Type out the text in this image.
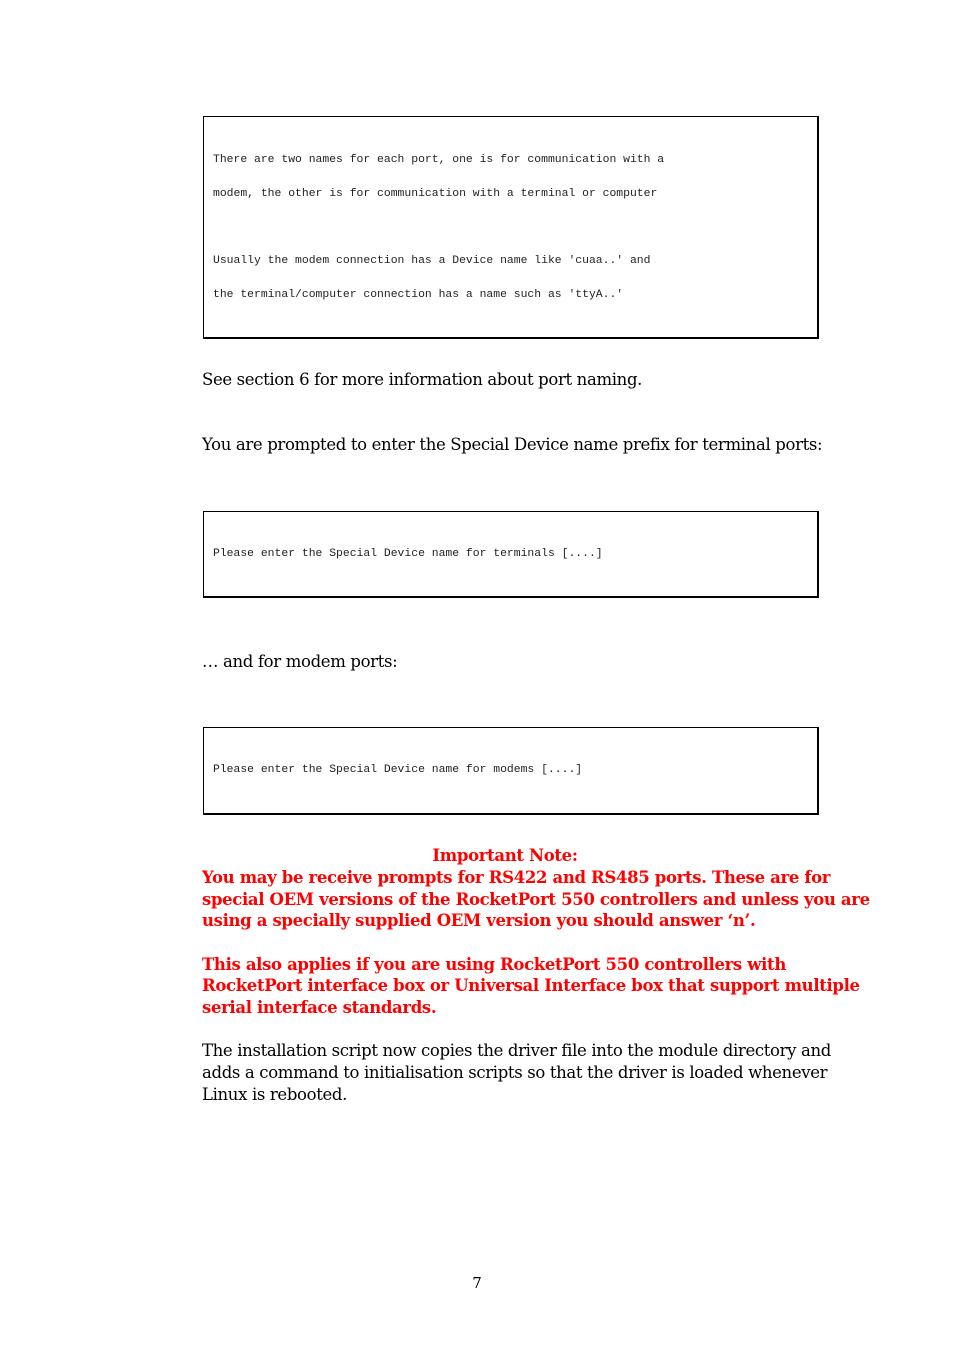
There are two names for each port, one is for communication with a
modem, the other is for communication with a terminal or computer
Usually the modem connection has a Device name like 'cuaa..' and
the terminal/computer connection has a name such as 'ttyA..'
See section 6 for more information about port naming.
You are prompted to enter the Special Device name prefix for terminal ports:
Please enter the Special Device name for terminals [....]
… and for modem ports:
Please enter the Special Device name for modems [....]
Important Note:
You may be receive prompts for RS422 and RS485 ports. These are for
special OEM versions of the RocketPort 550 controllers and unless you are
using a specially supplied OEM version you should answer ‘n’.
This also applies if you are using RocketPort 550 controllers with
RocketPort interface box or Universal Interface box that support multiple
serial interface standards.
The installation script now copies the driver file into the module directory and
adds a command to initialisation scripts so that the driver is loaded whenever
Linux is rebooted.
7
